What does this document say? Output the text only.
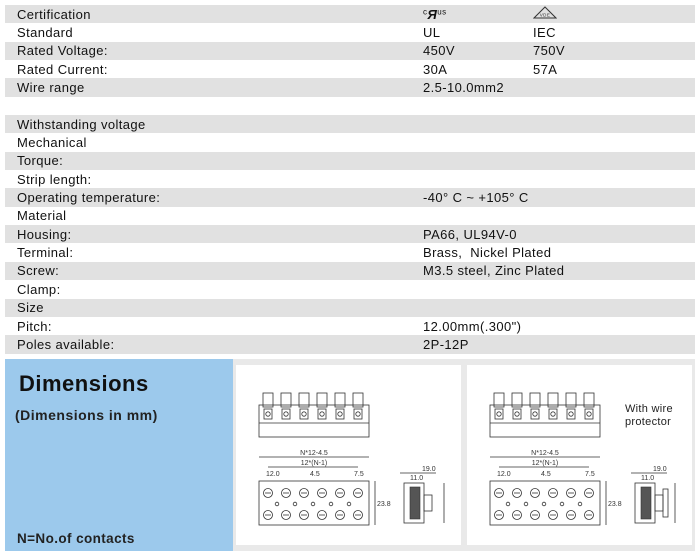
Certification	$^cЯ^{us}$	VDE
Standard	UL	IEC
Rated Voltage:	450V	750V
Rated Current:	30A	57A
Wire range	2.5-10.0mm2
Withstanding voltage
Mechanical
Torque:
Strip length:
Operating temperature:	-40° C ~ +105° C
Material
Housing:	PA66, UL94V-0
Terminal:	Brass,  Nickel Plated
Screw:	M3.5 steel, Zinc Plated
Clamp:
Size
Pitch:	12.00mm(.300")
Poles available:	2P-12P
Dimensions
(Dimensions in mm)
N=No.of contacts
N*12-4.5
12*(N-1)
12.0	4.5	7.5
23.8
19.0
11.0
N*12-4.5
12*(N-1)
12.0	4.5	7.5
23.8
19.0
11.0
With wire
protector
